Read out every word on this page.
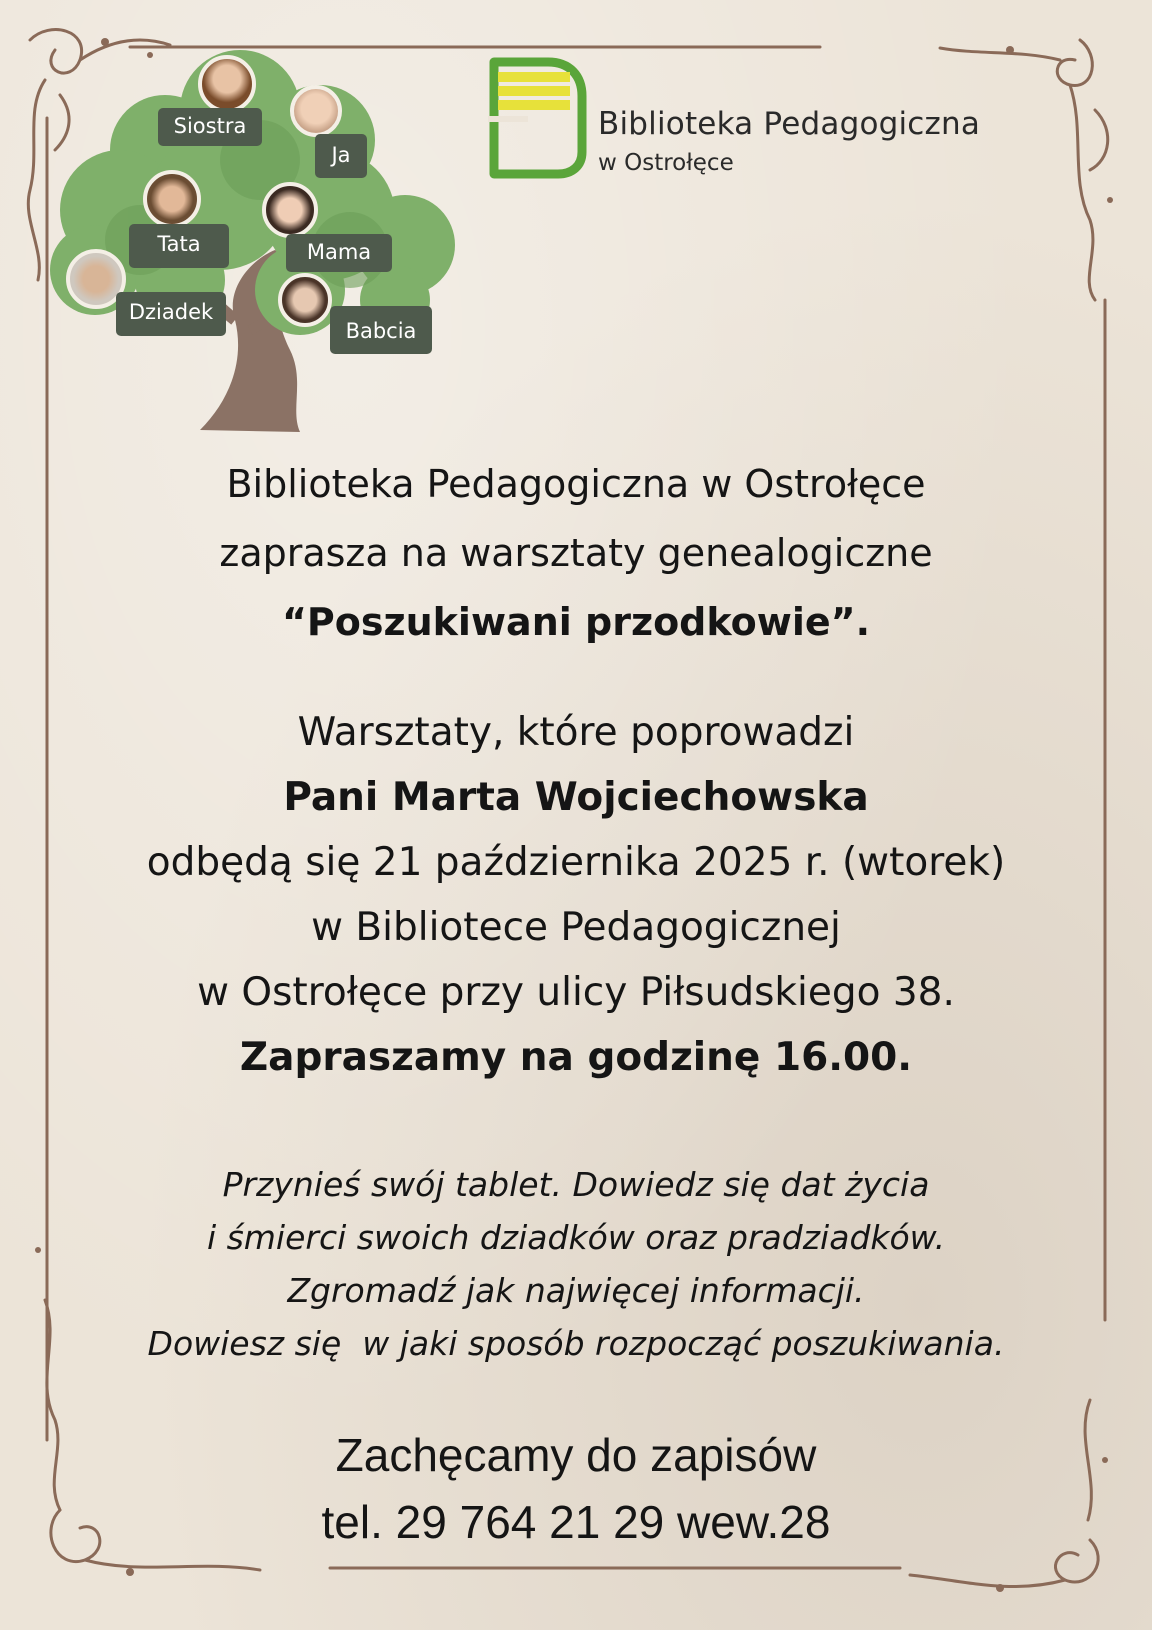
Siostra
Ja
Tata	Mama
Dziadek
Babcia
Biblioteka Pedagogiczna
w Ostrołęce
Biblioteka Pedagogiczna w Ostrołęce
zaprasza na warsztaty genealogiczne
“Poszukiwani przodkowie”.
Warsztaty, które poprowadzi
Pani Marta Wojciechowska
odbędą się 21 października 2025 r. (wtorek)
w Bibliotece Pedagogicznej
w Ostrołęce przy ulicy Piłsudskiego 38.
Zapraszamy na godzinę 16.00.
Przynieś swój tablet. Dowiedz się dat życia
i śmierci swoich dziadków oraz pradziadków.
Zgromadź jak najwięcej informacji.
Dowiesz się  w jaki sposób rozpocząć poszukiwania.
Zachęcamy do zapisów
tel. 29 764 21 29 wew.28
